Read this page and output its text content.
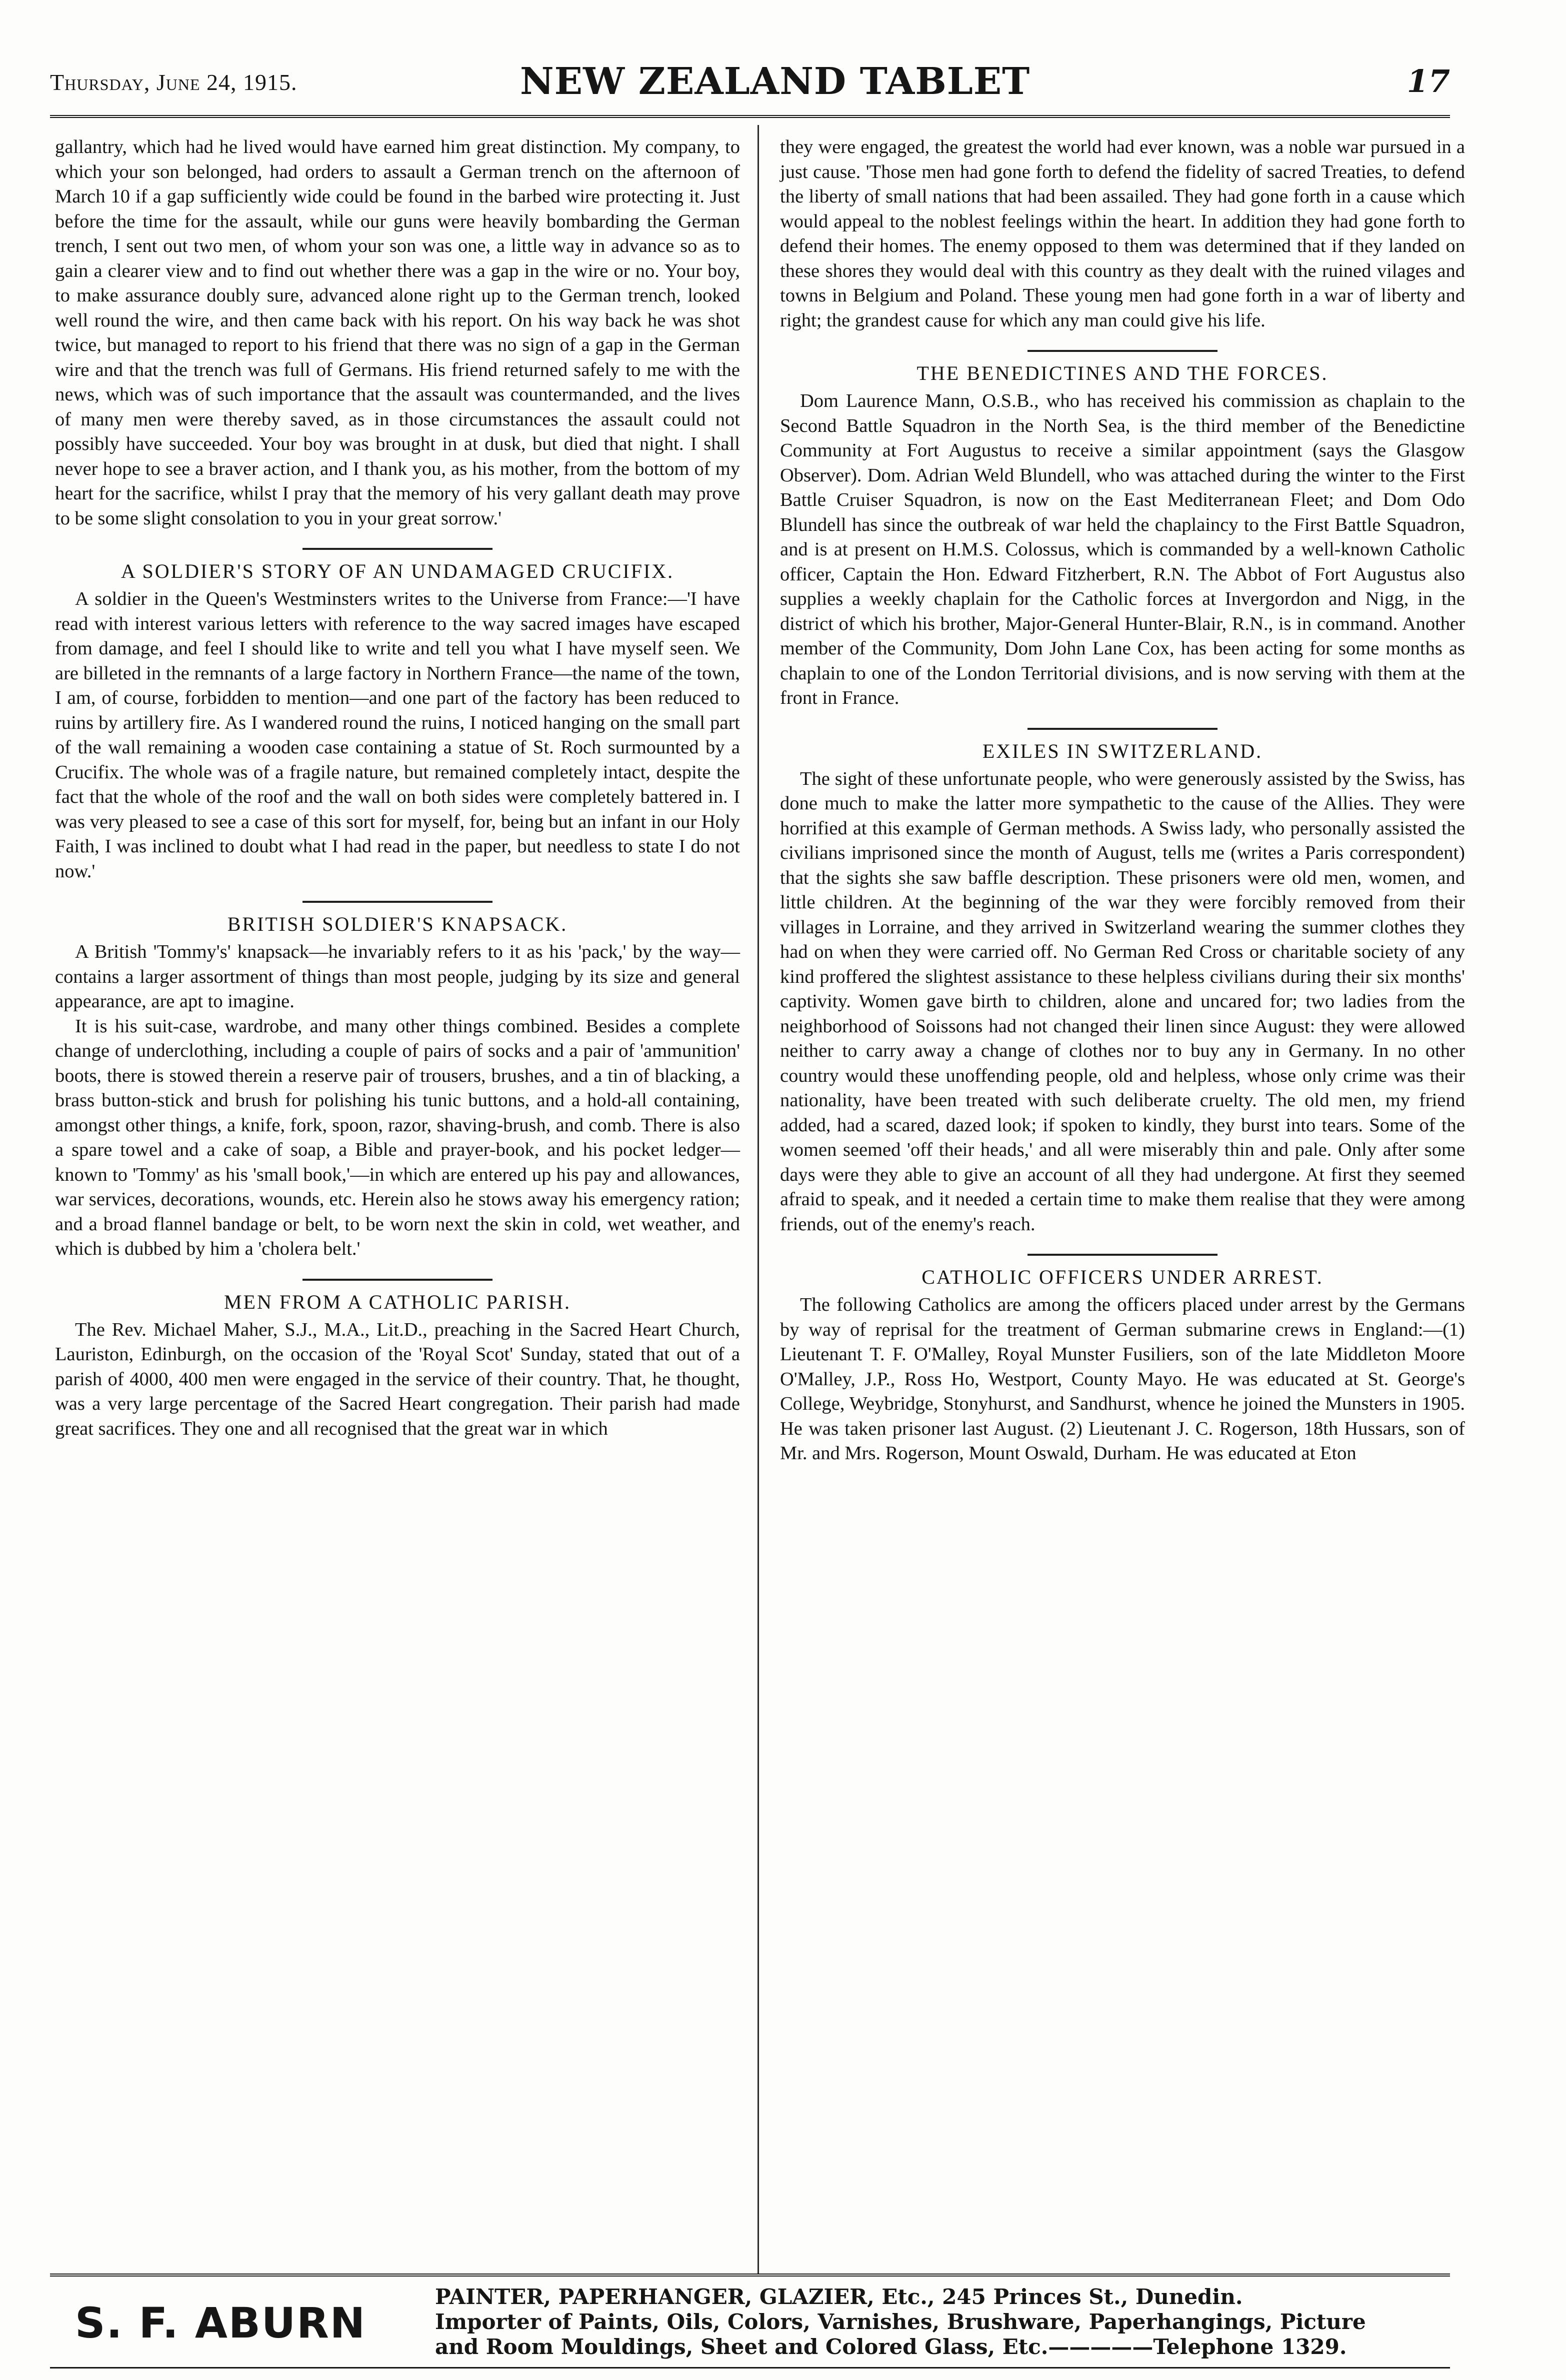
Thursday, June 24, 1915.	NEW ZEALAND TABLET	17

gallantry, which had he lived would have earned him great distinction. My company, to which your son belonged, had orders to assault a German trench on the afternoon of March 10 if a gap sufficiently wide could be found in the barbed wire protecting it. Just before the time for the assault, while our guns were heavily bombarding the German trench, I sent out two men, of whom your son was one, a little way in advance so as to gain a clearer view and to find out whether there was a gap in the wire or no. Your boy, to make assurance doubly sure, advanced alone right up to the German trench, looked well round the wire, and then came back with his report. On his way back he was shot twice, but managed to report to his friend that there was no sign of a gap in the German wire and that the trench was full of Germans. His friend returned safely to me with the news, which was of such importance that the assault was countermanded, and the lives of many men were thereby saved, as in those circumstances the assault could not possibly have succeeded. Your boy was brought in at dusk, but died that night. I shall never hope to see a braver action, and I thank you, as his mother, from the bottom of my heart for the sacrifice, whilst I pray that the memory of his very gallant death may prove to be some slight consolation to you in your great sorrow.'

A SOLDIER'S STORY OF AN UNDAMAGED CRUCIFIX.

A soldier in the Queen's Westminsters writes to the Universe from France:—'I have read with interest various letters with reference to the way sacred images have escaped from damage, and feel I should like to write and tell you what I have myself seen. We are billeted in the remnants of a large factory in Northern France—the name of the town, I am, of course, forbidden to mention—and one part of the factory has been reduced to ruins by artillery fire. As I wandered round the ruins, I noticed hanging on the small part of the wall remaining a wooden case containing a statue of St. Roch surmounted by a Crucifix. The whole was of a fragile nature, but remained completely intact, despite the fact that the whole of the roof and the wall on both sides were completely battered in. I was very pleased to see a case of this sort for myself, for, being but an infant in our Holy Faith, I was inclined to doubt what I had read in the paper, but needless to state I do not now.'

BRITISH SOLDIER'S KNAPSACK.

A British 'Tommy's' knapsack—he invariably refers to it as his 'pack,' by the way—contains a larger assortment of things than most people, judging by its size and general appearance, are apt to imagine.

It is his suit-case, wardrobe, and many other things combined. Besides a complete change of underclothing, including a couple of pairs of socks and a pair of 'ammunition' boots, there is stowed therein a reserve pair of trousers, brushes, and a tin of blacking, a brass button-stick and brush for polishing his tunic buttons, and a hold-all containing, amongst other things, a knife, fork, spoon, razor, shaving-brush, and comb. There is also a spare towel and a cake of soap, a Bible and prayer-book, and his pocket ledger—known to 'Tommy' as his 'small book,'—in which are entered up his pay and allowances, war services, decorations, wounds, etc. Herein also he stows away his emergency ration; and a broad flannel bandage or belt, to be worn next the skin in cold, wet weather, and which is dubbed by him a 'cholera belt.'

MEN FROM A CATHOLIC PARISH.

The Rev. Michael Maher, S.J., M.A., Lit.D., preaching in the Sacred Heart Church, Lauriston, Edinburgh, on the occasion of the 'Royal Scot' Sunday, stated that out of a parish of 4000, 400 men were engaged in the service of their country. That, he thought, was a very large percentage of the Sacred Heart congregation. Their parish had made great sacrifices. They one and all recognised that the great war in which

they were engaged, the greatest the world had ever known, was a noble war pursued in a just cause. 'Those men had gone forth to defend the fidelity of sacred Treaties, to defend the liberty of small nations that had been assailed. They had gone forth in a cause which would appeal to the noblest feelings within the heart. In addition they had gone forth to defend their homes. The enemy opposed to them was determined that if they landed on these shores they would deal with this country as they dealt with the ruined vilages and towns in Belgium and Poland. These young men had gone forth in a war of liberty and right; the grandest cause for which any man could give his life.

THE BENEDICTINES AND THE FORCES.

Dom Laurence Mann, O.S.B., who has received his commission as chaplain to the Second Battle Squadron in the North Sea, is the third member of the Benedictine Community at Fort Augustus to receive a similar appointment (says the Glasgow Observer). Dom. Adrian Weld Blundell, who was attached during the winter to the First Battle Cruiser Squadron, is now on the East Mediterranean Fleet; and Dom Odo Blundell has since the outbreak of war held the chaplaincy to the First Battle Squadron, and is at present on H.M.S. Colossus, which is commanded by a well-known Catholic officer, Captain the Hon. Edward Fitzherbert, R.N. The Abbot of Fort Augustus also supplies a weekly chaplain for the Catholic forces at Invergordon and Nigg, in the district of which his brother, Major-General Hunter-Blair, R.N., is in command. Another member of the Community, Dom John Lane Cox, has been acting for some months as chaplain to one of the London Territorial divisions, and is now serving with them at the front in France.

EXILES IN SWITZERLAND.

The sight of these unfortunate people, who were generously assisted by the Swiss, has done much to make the latter more sympathetic to the cause of the Allies. They were horrified at this example of German methods. A Swiss lady, who personally assisted the civilians imprisoned since the month of August, tells me (writes a Paris correspondent) that the sights she saw baffle description. These prisoners were old men, women, and little children. At the beginning of the war they were forcibly removed from their villages in Lorraine, and they arrived in Switzerland wearing the summer clothes they had on when they were carried off. No German Red Cross or charitable society of any kind proffered the slightest assistance to these helpless civilians during their six months' captivity. Women gave birth to children, alone and uncared for; two ladies from the neighborhood of Soissons had not changed their linen since August: they were allowed neither to carry away a change of clothes nor to buy any in Germany. In no other country would these unoffending people, old and helpless, whose only crime was their nationality, have been treated with such deliberate cruelty. The old men, my friend added, had a scared, dazed look; if spoken to kindly, they burst into tears. Some of the women seemed 'off their heads,' and all were miserably thin and pale. Only after some days were they able to give an account of all they had undergone. At first they seemed afraid to speak, and it needed a certain time to make them realise that they were among friends, out of the enemy's reach.

CATHOLIC OFFICERS UNDER ARREST.

The following Catholics are among the officers placed under arrest by the Germans by way of reprisal for the treatment of German submarine crews in England:—(1) Lieutenant T. F. O'Malley, Royal Munster Fusiliers, son of the late Middleton Moore O'Malley, J.P., Ross Ho, Westport, County Mayo. He was educated at St. George's College, Weybridge, Stonyhurst, and Sandhurst, whence he joined the Munsters in 1905. He was taken prisoner last August. (2) Lieutenant J. C. Rogerson, 18th Hussars, son of Mr. and Mrs. Rogerson, Mount Oswald, Durham. He was educated at Eton

S. F. ABURN
PAINTER, PAPERHANGER, GLAZIER, Etc., 245 Princes St., Dunedin.
Importer of Paints, Oils, Colors, Varnishes, Brushware, Paperhangings, Picture
and Room Mouldings, Sheet and Colored Glass, Etc.—————Telephone 1329.
